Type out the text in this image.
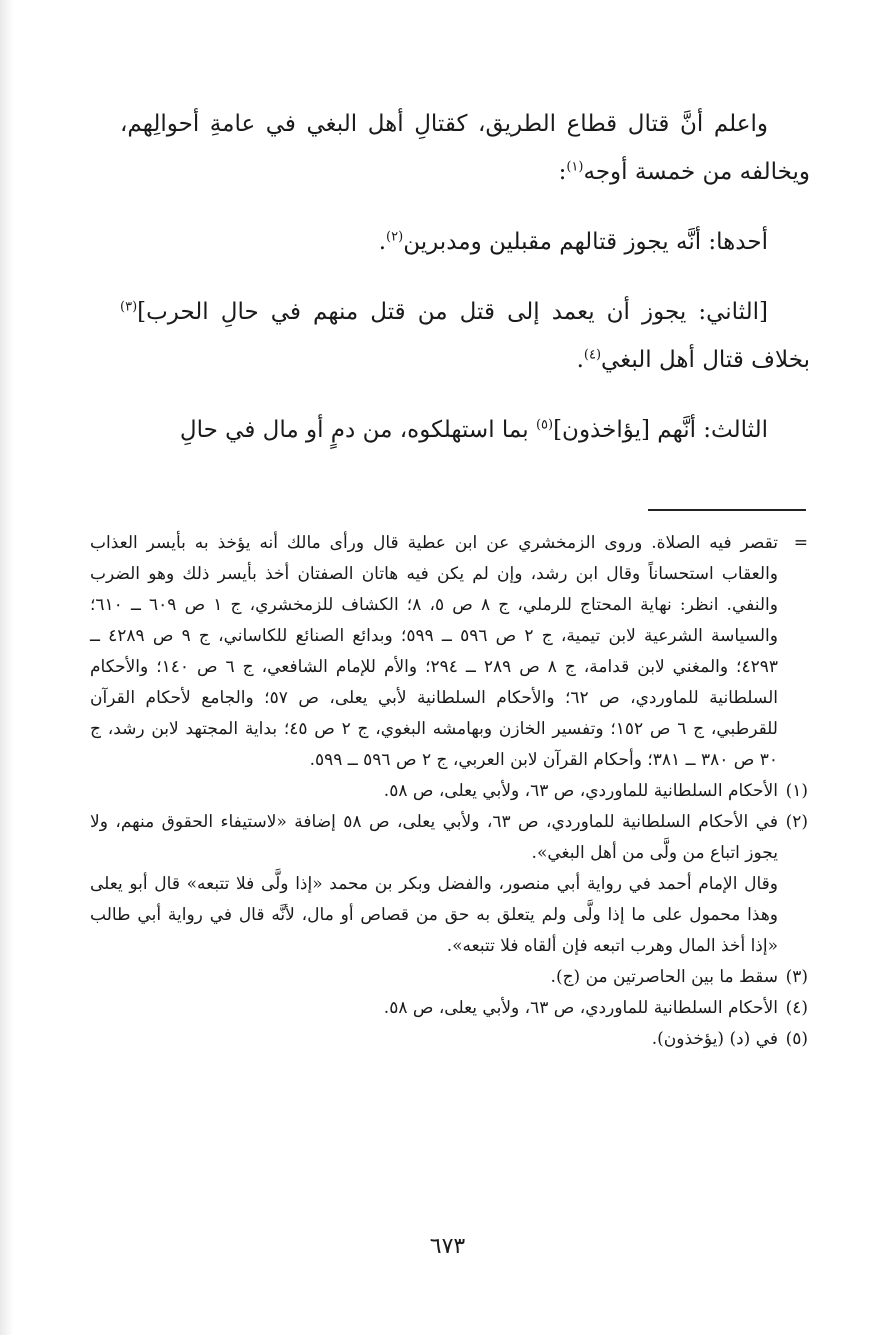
واعلم أنَّ قتال قطاع الطريق، كقتالِ أهل البغي في عامةِ أحوالِهم، ويخالفه من خمسة أوجه$^{(١)}$:

أحدها: أنَّه يجوز قتالهم مقبلين ومدبرين$^{(٢)}$.

[الثاني: يجوز أن يعمد إلى قتل من قتل منهم في حالِ الحرب]$^{(٣)}$ بخلاف قتال أهل البغي$^{(٤)}$.

الثالث: أنَّهم [يؤاخذون]$^{(٥)}$ بما استهلكوه، من دمٍ أو مال في حالِ

=
تقصر فيه الصلاة. وروى الزمخشري عن ابن عطية قال ورأى مالك أنه يؤخذ به بأيسر العذاب والعقاب استحساناً وقال ابن رشد، وإن لم يكن فيه هاتان الصفتان أخذ بأيسر ذلك وهو الضرب والنفي. انظر: نهاية المحتاج للرملي، ج ٨ ص ٥، ٨؛ الكشاف للزمخشري، ج ١ ص ٦٠٩ ــ ٦١٠؛ والسياسة الشرعية لابن تيمية، ج ٢ ص ٥٩٦ ــ ٥٩٩؛ وبدائع الصنائع للكاساني، ج ٩ ص ٤٢٨٩ ــ ٤٢٩٣؛ والمغني لابن قدامة، ج ٨ ص ٢٨٩ ــ ٢٩٤؛ والأم للإمام الشافعي، ج ٦ ص ١٤٠؛ والأحكام السلطانية للماوردي، ص ٦٢؛ والأحكام السلطانية لأبي يعلى، ص ٥٧؛ والجامع لأحكام القرآن للقرطبي، ج ٦ ص ١٥٢؛ وتفسير الخازن وبهامشه البغوي، ج ٢ ص ٤٥؛ بداية المجتهد لابن رشد، ج ٣٠ ص ٣٨٠ ــ ٣٨١؛ وأحكام القرآن لابن العربي، ج ٢ ص ٥٩٦ ــ ٥٩٩.

(١)
الأحكام السلطانية للماوردي، ص ٦٣، ولأبي يعلى، ص ٥٨.

(٢)
في الأحكام السلطانية للماوردي، ص ٦٣، ولأبي يعلى، ص ٥٨ إضافة «لاستيفاء الحقوق منهم، ولا يجوز اتباع من ولَّى من أهل البغي».

وقال الإمام أحمد في رواية أبي منصور، والفضل وبكر بن محمد «إذا ولَّى فلا تتبعه» قال أبو يعلى وهذا محمول على ما إذا ولَّى ولم يتعلق به حق من قصاص أو مال، لأنَّه قال في رواية أبي طالب «إذا أخذ المال وهرب اتبعه فإن ألقاه فلا تتبعه».

(٣)
سقط ما بين الحاصرتين من (ج).

(٤)
الأحكام السلطانية للماوردي، ص ٦٣، ولأبي يعلى، ص ٥٨.

(٥)
في (د) (يؤخذون).

٦٧٣
